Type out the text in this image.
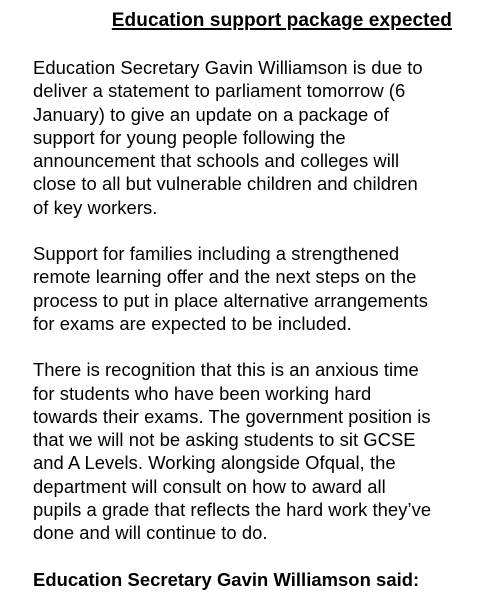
Education support package expected

Education Secretary Gavin Williamson is due to
deliver a statement to parliament tomorrow (6
January) to give an update on a package of
support for young people following the
announcement that schools and colleges will
close to all but vulnerable children and children
of key workers.

Support for families including a strengthened
remote learning offer and the next steps on the
process to put in place alternative arrangements
for exams are expected to be included.

There is recognition that this is an anxious time
for students who have been working hard
towards their exams. The government position is
that we will not be asking students to sit GCSE
and A Levels. Working alongside Ofqual, the
department will consult on how to award all
pupils a grade that reflects the hard work they’ve
done and will continue to do.

Education Secretary Gavin Williamson said:
